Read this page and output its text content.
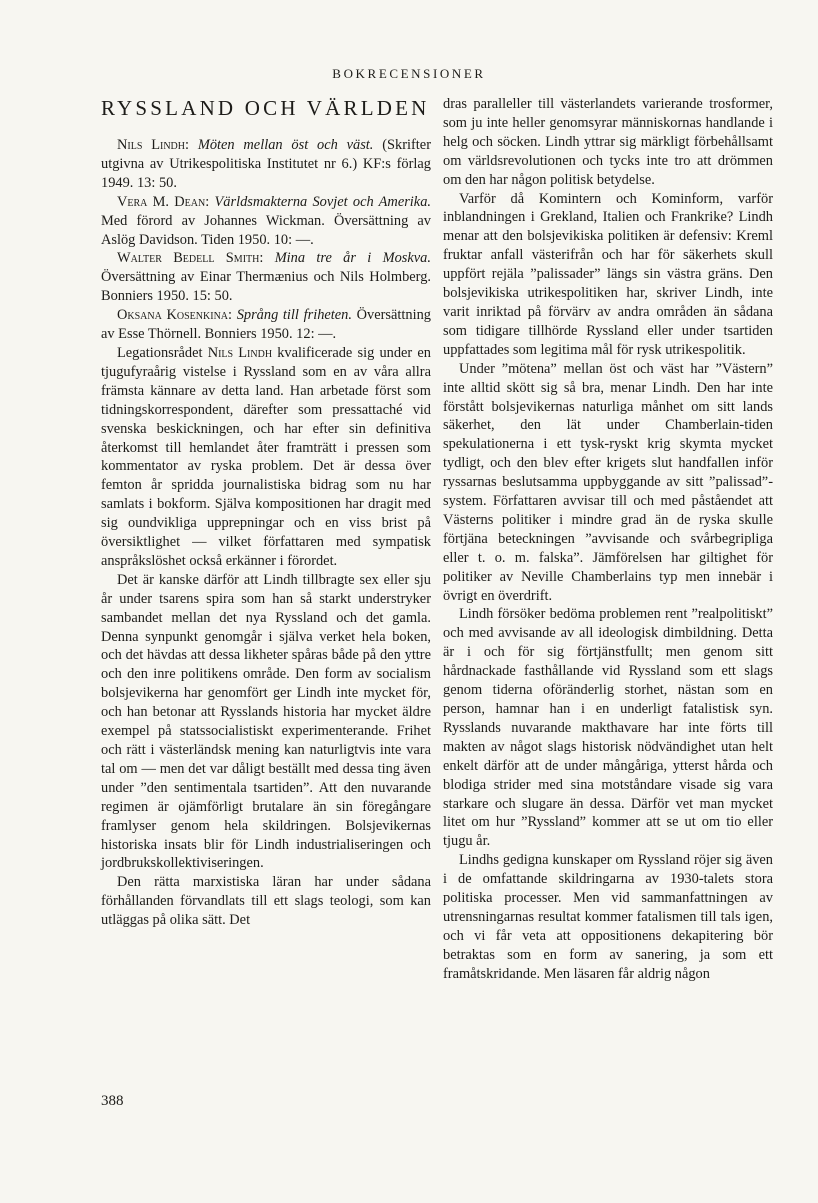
BOKRECENSIONER
RYSSLAND OCH VÄRLDEN

Nils Lindh: Möten mellan öst och väst. (Skrifter utgivna av Utrikespolitiska Institutet nr 6.) KF:s förlag 1949. 13: 50.

Vera M. Dean: Världsmakterna Sovjet och Amerika. Med förord av Johannes Wickman. Översättning av Aslög Davidson. Tiden 1950. 10: —.

Walter Bedell Smith: Mina tre år i Moskva. Översättning av Einar Thermænius och Nils Holmberg. Bonniers 1950. 15: 50.

Oksana Kosenkina: Språng till friheten. Översättning av Esse Thörnell. Bonniers 1950. 12: —.

Legationsrådet Nils Lindh kvalificerade sig under en tjugufyraårig vistelse i Ryssland som en av våra allra främsta kännare av detta land. Han arbetade först som tidningskorrespondent, därefter som pressattaché vid svenska beskickningen, och har efter sin definitiva återkomst till hemlandet åter framträtt i pressen som kommentator av ryska problem. Det är dessa över femton år spridda journalistiska bidrag som nu har samlats i bokform. Själva kompositionen har dragit med sig oundvikliga upprepningar och en viss brist på översiktlighet — vilket författaren med sympatisk anspråkslöshet också erkänner i förordet.

Det är kanske därför att Lindh tillbragte sex eller sju år under tsarens spira som han så starkt understryker sambandet mellan det nya Ryssland och det gamla. Denna synpunkt genomgår i själva verket hela boken, och det hävdas att dessa likheter spåras både på den yttre och den inre politikens område. Den form av socialism bolsjevikerna har genomfört ger Lindh inte mycket för, och han betonar att Rysslands historia har mycket äldre exempel på statssocialistiskt experimenterande. Frihet och rätt i västerländsk mening kan naturligtvis inte vara tal om — men det var dåligt beställt med dessa ting även under ”den sentimentala tsartiden”. Att den nuvarande regimen är ojämförligt brutalare än sin föregångare framlyser genom hela skildringen. Bolsjevikernas historiska insats blir för Lindh industrialiseringen och jordbrukskollektiviseringen.

Den rätta marxistiska läran har under sådana förhållanden förvandlats till ett slags teologi, som kan utläggas på olika sätt. Det

dras paralleller till västerlandets varierande trosformer, som ju inte heller genomsyrar människornas handlande i helg och söcken. Lindh yttrar sig märkligt förbehållsamt om världsrevolutionen och tycks inte tro att drömmen om den har någon politisk betydelse.

Varför då Komintern och Kominform, varför inblandningen i Grekland, Italien och Frankrike? Lindh menar att den bolsjevikiska politiken är defensiv: Kreml fruktar anfall västerifrån och har för säkerhets skull uppfört rejäla ”palissader” längs sin västra gräns. Den bolsjevikiska utrikespolitiken har, skriver Lindh, inte varit inriktad på förvärv av andra områden än sådana som tidigare tillhörde Ryssland eller under tsartiden uppfattades som legitima mål för rysk utrikespolitik.

Under ”mötena” mellan öst och väst har ”Västern” inte alltid skött sig så bra, menar Lindh. Den har inte förstått bolsjevikernas naturliga månhet om sitt lands säkerhet, den lät under Chamberlain-tiden spekulationerna i ett tysk-ryskt krig skymta mycket tydligt, och den blev efter krigets slut handfallen inför ryssarnas beslutsamma uppbyggande av sitt ”palissad”-system. Författaren avvisar till och med påståendet att Västerns politiker i mindre grad än de ryska skulle förtjäna beteckningen ”avvisande och svårbegripliga eller t. o. m. falska”. Jämförelsen har giltighet för politiker av Neville Chamberlains typ men innebär i övrigt en överdrift.

Lindh försöker bedöma problemen rent ”realpolitiskt” och med avvisande av all ideologisk dimbildning. Detta är i och för sig förtjänstfullt; men genom sitt hårdnackade fasthållande vid Ryssland som ett slags genom tiderna oföränderlig storhet, nästan som en person, hamnar han i en underligt fatalistisk syn. Rysslands nuvarande makthavare har inte förts till makten av något slags historisk nödvändighet utan helt enkelt därför att de under mångåriga, ytterst hårda och blodiga strider med sina motståndare visade sig vara starkare och slugare än dessa. Därför vet man mycket litet om hur ”Ryssland” kommer att se ut om tio eller tjugu år.

Lindhs gedigna kunskaper om Ryssland röjer sig även i de omfattande skildringarna av 1930-talets stora politiska processer. Men vid sammanfattningen av utrensningarnas resultat kommer fatalismen till tals igen, och vi får veta att oppositionens dekapitering bör betraktas som en form av sanering, ja som ett framåtskridande. Men läsaren får aldrig någon

388
